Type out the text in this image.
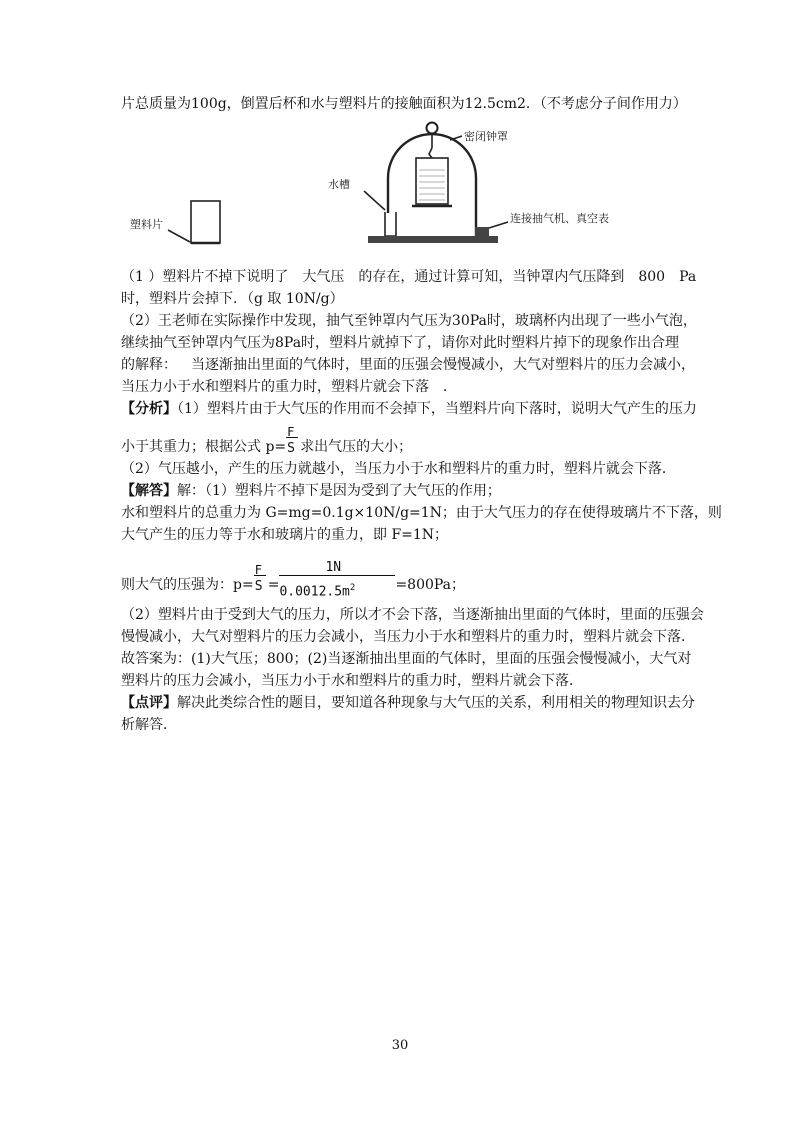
片总质量为100g，倒置后杯和水与塑料片的接触面积为12.5cm2．（不考虑分子间作用力）
塑料片
水槽
密闭钟罩
连接抽气机、真空表
（1 ）塑料片不掉下说明了 大气压 的存在，通过计算可知，当钟罩内气压降到 800 Pa
时，塑料片会掉下．（g 取 10N/g）
（2）王老师在实际操作中发现，抽气至钟罩内气压为30Pa时，玻璃杯内出现了一些小气泡，
继续抽气至钟罩内气压为8Pa时，塑料片就掉下了，请你对此时塑料片掉下的现象作出合理
的解释： 当逐渐抽出里面的气体时，里面的压强会慢慢减小，大气对塑料片的压力会减小，
当压力小于水和塑料片的重力时，塑料片就会下落 ．
【分析】（1）塑料片由于大气压的作用而不会掉下，当塑料片向下落时，说明大气产生的压力
小于其重力；根据公式 $p= \frac{F}{S}$ 求出气压的大小；
（2）气压越小，产生的压力就越小，当压力小于水和塑料片的重力时，塑料片就会下落．
【解答】解：（1）塑料片不掉下是因为受到了大气压的作用；
水和塑料片的总重力为 G=mg=0.1g×10N/g=1N；由于大气压力的存在使得玻璃片不下落，则
大气产生的压力等于水和玻璃片的重力，即 F=1N；
则大气的压强为：$p= \frac{F}{S} = \frac{1N}{0.0012.5m^2} =800Pa$；
（2）塑料片由于受到大气的压力，所以才不会下落，当逐渐抽出里面的气体时，里面的压强会
慢慢减小，大气对塑料片的压力会减小，当压力小于水和塑料片的重力时，塑料片就会下落．
故答案为：(1)大气压；800；(2)当逐渐抽出里面的气体时，里面的压强会慢慢减小，大气对
塑料片的压力会减小，当压力小于水和塑料片的重力时，塑料片就会下落．
【点评】解决此类综合性的题目，要知道各种现象与大气压的关系，利用相关的物理知识去分
析解答．
30
